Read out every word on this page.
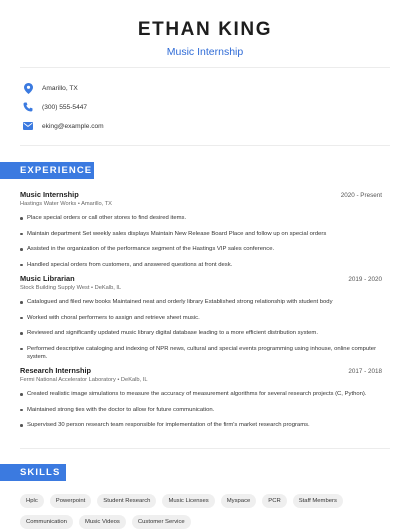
ETHAN KING
Music Internship
Amarillo, TX
(300) 555-5447
eking@example.com
EXPERIENCE
Music Internship	2020 - Present
Hastings Water Works • Amarillo, TX
Place special orders or call other stores to find desired items.
Maintain department Set weekly sales displays Maintain New Release Board Place and follow up on special orders
Assisted in the organization of the performance segment of the Hastings VIP sales conference.
Handled special orders from customers, and answered questions at front desk.
Music Librarian	2019 - 2020
Stock Building Supply West • DeKalb, IL
Catalogued and filed new books Maintained neat and orderly library Established strong relationship with student body
Worked with choral performers to assign and retrieve sheet music.
Reviewed and significantly updated music library digital database leading to a more efficient distribution system.
Performed descriptive cataloging and indexing of NPR news, cultural and special events programming using inhouse, online computer system.
Research Internship	2017 - 2018
Fermi National Accelerator Laboratory • DeKalb, IL
Created realistic image simulations to measure the accuracy of measurement algorithms for several research projects (C, Python).
Maintained strong ties with the doctor to allow for future communication.
Supervised 30 person research team responsible for implementation of the firm's market research programs.
SKILLS
Hplc	Powerpoint	Student Research	Music Licenses	Myspace	PCR	Staff Members
Communication	Music Videos	Customer Service
